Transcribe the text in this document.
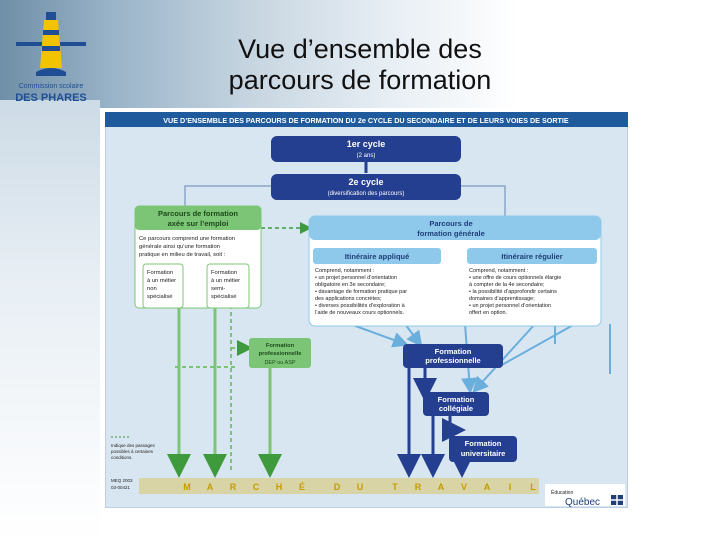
Commission scolaire
DES PHARES
Vue d’ensemble des
parcours de formation
VUE D’ENSEMBLE DES PARCOURS DE FORMATION DU 2e CYCLE DU SECONDAIRE ET DE LEURS VOIES DE SORTIE
1er cycle
(2 ans)
2e cycle
(diversification des parcours)
Parcours de formation
axée sur l’emploi
Ce parcours comprend une formation
générale ainsi qu’une formation
pratique en milieu de travail, soit :
Formation
à un métier
non
spécialisé
Formation
à un métier
semi-
spécialisé
Parcours de
formation générale
Itinéraire appliqué
Comprend, notamment :
• un projet personnel d’orientation
obligatoire en 3e secondaire;
• davantage de formation pratique par
des applications concrètes;
• diverses possibilités d’exploration à
l’aide de nouveaux cours optionnels.
Itinéraire régulier
Comprend, notamment :
• une offre de cours optionnels élargie
à compter de la 4e secondaire;
• la possibilité d’approfondir certains
domaines d’apprentissage;
• un projet personnel d’orientation
offert en option.
Formation
professionnelle
DEP ou ASP
Formation
professionnelle
Formation
collégiale
Formation
universitaire
Indique des passages
possibles à certaines
conditions.
MEQ 2003
03-00421	M A R C H É	D U	T R A V A I L
Éducation
Québec
